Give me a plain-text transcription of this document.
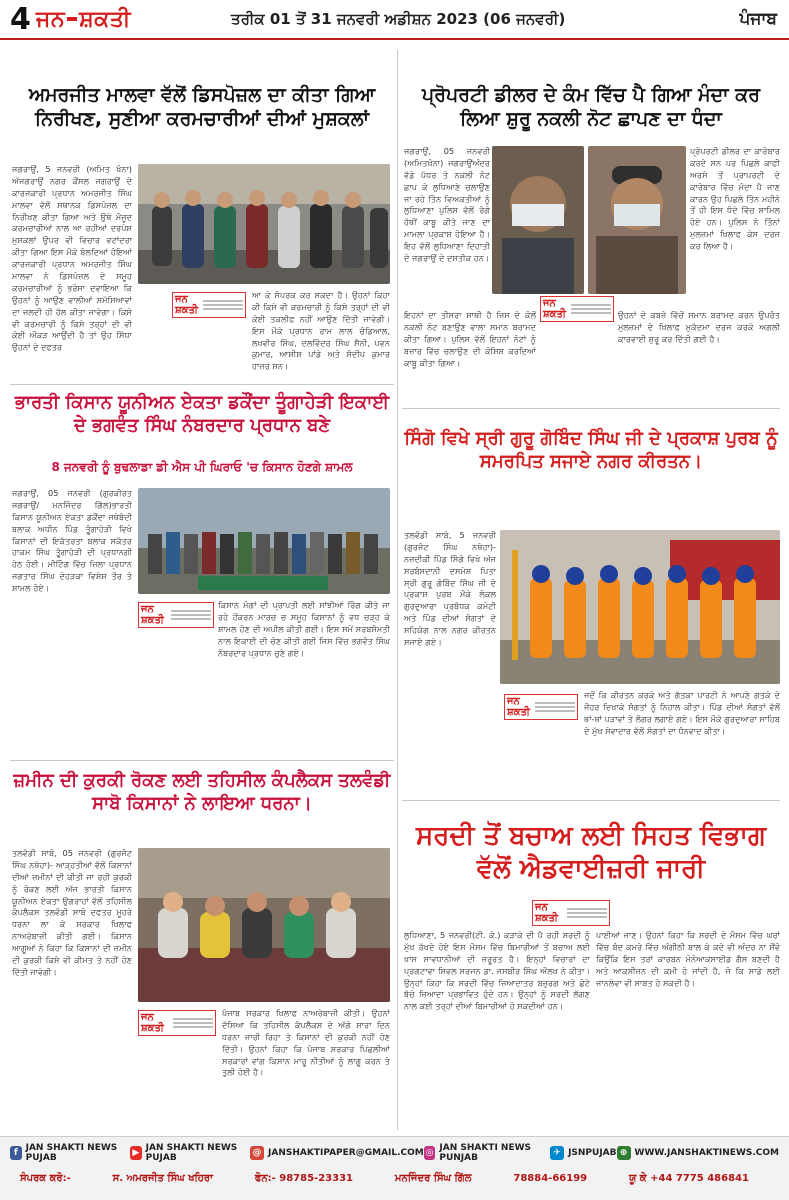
4 ਜਨ ਸ਼ਕਤੀ	ਤਰੀਕ 01 ਤੋਂ 31 ਜਨਵਰੀ ਅਡੀਸ਼ਨ 2023 (06 ਜਨਵਰੀ)	ਪੰਜਾਬ
ਅਮਰਜੀਤ ਮਾਲਵਾ ਵੱਲੋਂ ਡਿਸਪੋਜ਼ਲ ਦਾ ਕੀਤਾ ਗਿਆ ਨਿਰੀਖਣ, ਸੁਣੀਆ ਕਰਮਚਾਰੀਆਂ ਦੀਆਂ ਮੁਸ਼ਕਲਾਂ
ਜਗਰਾਉਂ, 5 ਜਨਵਰੀ (ਅਮਿਤ ਖੰਨਾ) ਅੱਜਗਰਾਉਂ ਨਗਰ ਕੌਂਸਲ ਜਗਰਾਉਂ ਦੇ ਕਾਰਜਕਾਰੀ ਪ੍ਰਧਾਨ ਅਮਰਜੀਤ ਸਿੰਘ ਮਾਲਵਾ ਵੱਲੋਂ ਸਥਾਨਕ ਡਿਸਪੋਜ਼ਲ ਦਾ ਨਿਰੀਖਣ ਕੀਤਾ ਗਿਆ ਅਤੇ ਉਥੇ ਮੌਜੂਦ ਕਰਮਚਾਰੀਆਂ ਨਾਲ ਆ ਰਹੀਆਂ ਦਰਪੇਸ਼ ਮੁਸ਼ਕਲਾਂ ਉਪਰ ਵੀ ਵਿਚਾਰ ਵਟਾਂਦਰਾ ਕੀਤਾ ਗਿਆ ਇਸ ਮੌਕੇ ਬੋਲਦਿਆਂ ਹੋਇਆਂ ਕਾਰਜਕਾਰੀ ਪ੍ਰਧਾਨ ਅਮਰਜੀਤ ਸਿੰਘ ਮਾਲਵਾ ਨੇ ਡਿਸਪੋਜ਼ਲ ਦੇ ਸਮੂਹ ਕਰਮਚਾਰੀਆਂ ਨੂੰ ਭਰੋਸਾ ਦਵਾਇਆ ਕਿ ਉਹਨਾਂ ਨੂੰ ਆਉਣ ਵਾਲੀਆਂ ਸਮੱਸਿਆਵਾਂ ਦਾ ਜਲਦੀ ਹੀ ਹੱਲ ਕੀਤਾ ਜਾਵੇਗਾ। ਕਿਸੇ ਵੀ ਕਰਮਚਾਰੀ ਨੂੰ ਕਿਸੇ ਤਰ੍ਹਾਂ ਦੀ ਵੀ ਕੋਈ ਔਕੜ ਆਉਂਦੀ ਹੈ ਤਾਂ ਉਹ ਸਿੱਧਾ ਉਹਨਾਂ ਦੇ ਦਫਤਰ
ਜਨ ਸ਼ਕਤੀ
ਆ ਕੇ ਸੰਪਰਕ ਕਰ ਸਕਦਾ ਹੈ। ਉਹਨਾਂ ਕਿਹਾ ਕੀ ਕਿਸੇ ਵੀ ਕਰਮਚਾਰੀ ਨੂੰ ਕਿਸੇ ਤਰ੍ਹਾਂ ਦੀ ਵੀ ਕੋਈ ਤਕਲੀਫ ਨਹੀਂ ਆਉਣ ਦਿੱਤੀ ਜਾਵੇਗੀ। ਇਸ ਮੌਕੇ ਪ੍ਰਧਾਨ ਰਾਮ ਲਾਲ ਚੰਡਿਆਲ, ਲਖਵੀਰ ਸਿੰਘ, ਦਲਵਿੰਦਰ ਸਿੰਘ ਸੈਨੀ, ਪਵਨ ਕੁਮਾਰ, ਆਸ਼ੀਸ਼ ਪਾਂਡੇ ਅਤੇ ਸੰਦੀਪ ਕੁਮਾਰ ਹਾਜ਼ਰ ਸਨ।
ਪ੍ਰੋਪਰਟੀ ਡੀਲਰ ਦੇ ਕੰਮ ਵਿੱਚ ਪੈ ਗਿਆ ਮੰਦਾ ਕਰ ਲਿਆ ਸ਼ੁਰੂ ਨਕਲੀ ਨੋਟ ਛਾਪਣ ਦਾ ਧੰਦਾ
ਜਗਰਾਉਂ, 05 ਜਨਵਰੀ (ਅਮਿਤਖੰਨਾ) ਜਗਰਾਉਂਅੰਦਰ ਵੱਡੇ ਪੱਧਰ ਤੇ ਨਕਲੀ ਨੋਟ ਛਾਪ ਕੇ ਲੁਧਿਆਣੇ ਚਲਾਉਣ ਜਾ ਰਹੇ ਤਿੰਨ ਵਿਅਕਤੀਆਂ ਨੂੰ ਲੁਧਿਆਣਾ ਪੁਲਿਸ ਵੱਲੋਂ ਰੰਗੇ ਹੱਥੀਂ ਕਾਬੂ ਕੀਤੇ ਜਾਣ ਦਾ ਮਾਮਲਾ ਪ੍ਰਕਾਸ਼ ਹੋਇਆ ਹੈ। ਇਹ ਵੱਲੋਂ ਲੁਧਿਆਣਾ ਦਿਹਾਤੀ ਦੇ ਜਗਰਾਉਂ ਦੇ ਦਸਤੀਕ ਹਨ।
ਪ੍ਰੋਪਰਟੀ ਡੀਲਰ ਦਾ ਕਾਰੋਬਾਰ ਕਰਦੇ ਸਨ ਪਰ ਪਿਛਲੇ ਕਾਫੀ ਅਰਸੇ ਤੋਂ ਪ੍ਰਾਪਰਟੀ ਦੇ ਕਾਰੋਬਾਰ ਵਿੱਚ ਮੰਦਾ ਪੈ ਜਾਣ ਕਾਰਨ ਉਹ ਪਿਛਲੇ ਤਿੰਨ ਮਹੀਨੇ ਤੋਂ ਹੀ ਇਸ ਧੰਦੇ ਵਿੱਚ ਸ਼ਾਮਿਲ ਹੋਏ ਹਨ। ਪੁਲਿਸ ਨੇ ਤਿੰਨਾਂ ਮੁਲਜ਼ਮਾਂ ਖਿਲਾਫ ਕੇਸ ਦਰਜ ਕਰ ਲਿਆ ਹੈ।
ਇਹਨਾਂ ਦਾ ਤੀਸਰਾ ਸਾਥੀ ਹੈ ਜਿਸ ਦੇ ਕੋਲੋਂ ਨਕਲੀ ਨੋਟ ਬਣਾਉਣ ਵਾਲਾ ਸਮਾਨ ਬਰਾਮਦ ਕੀਤਾ ਗਿਆ। ਪੁਲਿਸ ਵੱਲੋਂ ਇਹਨਾਂ ਨੋਟਾਂ ਨੂੰ ਬਜ਼ਾਰ ਵਿੱਚ ਚਲਾਉਣ ਦੀ ਕੋਸ਼ਿਸ਼ ਕਰਦਿਆਂ ਕਾਬੂ ਕੀਤਾ ਗਿਆ।
ਜਨ ਸ਼ਕਤੀ	ਉਹਨਾਂ ਦੇ ਕਬਜ਼ੇ ਵਿੱਚੋਂ ਸਮਾਨ ਬਰਾਮਦ ਕਰਨ ਉਪਰੰਤ ਮੁਲਜ਼ਮਾਂ ਦੇ ਖਿਲਾਫ ਮੁਕੱਦਮਾ ਦਰਜ ਕਰਕੇ ਅਗਲੀ ਕਾਰਵਾਈ ਸ਼ੁਰੂ ਕਰ ਦਿੱਤੀ ਗਈ ਹੈ।
ਭਾਰਤੀ ਕਿਸਾਨ ਯੂਨੀਅਨ ਏਕਤਾ ਡਕੌਂਦਾ ਤੂੰਗਾਹੇੜੀ ਇਕਾਈ ਦੇ ਭਗਵੰਤ ਸਿੰਘ ਨੰਬਰਦਾਰ ਪ੍ਰਧਾਨ ਬਣੇ
8 ਜਨਵਰੀ ਨੂੰ ਬੁਢਲਾਡਾ ਡੀ ਐਸ ਪੀ ਘਿਰਾਓ 'ਚ ਕਿਸਾਨ ਹੋਣਗੇ ਸ਼ਾਮਲ
ਜਗਰਾਉਂ, 05 ਜਨਵਰੀ (ਗੁਰਕੀਰਤ ਜਗਰਾਉਂ/ ਮਨਜਿੰਦਰ ਗਿੱਲ)ਭਾਰਤੀ ਕਿਸਾਨ ਯੂਨੀਅਨ ਏਕਤਾ ਡਕੌਂਦਾ ਜਥੇਬੰਦੀ ਬਲਾਕ ਅਧੀਨ ਪਿੰਡ ਤੂੰਗਾਹੇੜੀ ਵਿਖੇ ਕਿਸਾਨਾਂ ਦੀ ਇਕੱਤਰਤਾ ਬਲਾਕ ਸਕੱਤਰ ਹਾਕਮ ਸਿੰਘ ਤੂੰਗਾਹੇੜੀ ਦੀ ਪ੍ਰਧਾਨਗੀ ਹੇਠ ਹੋਈ। ਮੀਟਿੰਗ ਵਿੱਚ ਜ਼ਿਲਾ ਪ੍ਰਧਾਨ ਜਗਤਾਰ ਸਿੰਘ ਦੇਹੜਕਾ ਵਿਸ਼ੇਸ਼ ਤੌਰ ਤੇ ਸ਼ਾਮਲ ਹੋਏ।
ਜਨ ਸ਼ਕਤੀ
ਕਿਸਾਨ ਮੰਗਾਂ ਦੀ ਪ੍ਰਾਪਤੀ ਲਈ ਸਾਂਝੀਆਂ ਰਿੰਗ ਕੀਤੇ ਜਾ ਰਹੇ ਹੋਂਕਰਨ ਮਾਰਚ ਚ ਸਮੂਹ ਕਿਸਾਨਾਂ ਨੂੰ ਵਧ ਚੜ੍ਹ ਕੇ ਸ਼ਾਮਲ ਹੋਣ ਦੀ ਅਪੀਲ ਕੀਤੀ ਗਈ। ਇਸ ਸਮੇਂ ਸਰਬਸੰਮਤੀ ਨਾਲ ਇਕਾਈ ਦੀ ਚੋਣ ਕੀਤੀ ਗਈ ਜਿਸ ਵਿੱਚ ਭਗਵੰਤ ਸਿੰਘ ਨੰਬਰਦਾਰ ਪ੍ਰਧਾਨ ਚੁਣੇ ਗਏ।
ਸਿੰਗੋ ਵਿਖੇ ਸ੍ਰੀ ਗੁਰੂ ਗੋਬਿੰਦ ਸਿੰਘ ਜੀ ਦੇ ਪ੍ਰਕਾਸ਼ ਪੁਰਬ ਨੂੰ ਸਮਰਪਿਤ ਸਜਾਏ ਨਗਰ ਕੀਰਤਨ।
ਤਲਵੰਡੀ ਸਾਬੋ, 5 ਜਨਵਰੀ (ਗੁਰਜੰਟ ਸਿੰਘ ਨਥੇਹਾ)- ਨਜ਼ਦੀਕੀ ਪਿੰਡ ਸਿੰਗੋ ਵਿਖੇ ਅੱਜ ਸਰਬੰਸਦਾਨੀ ਦਸਮੇਸ਼ ਪਿਤਾ ਸ੍ਰੀ ਗੁਰੂ ਗੋਬਿੰਦ ਸਿੰਘ ਜੀ ਦੇ ਪ੍ਰਕਾਸ਼ ਪੁਰਬ ਮੌਕੇ ਲੋਕਲ ਗੁਰਦੁਆਰਾ ਪ੍ਰਬੰਧਕ ਕਮੇਟੀ ਅਤੇ ਪਿੰਡ ਦੀਆਂ ਸੰਗਤਾਂ ਦੇ ਸਹਿਯੋਗ ਨਾਲ ਨਗਰ ਕੀਰਤਨ ਸਜਾਏ ਗਏ।
ਜਨ ਸ਼ਕਤੀ
ਜਦੋਂ ਕਿ ਕੀਰਤਨ ਕਰਕੇ ਅਤੇ ਗੱਤਕਾ ਪਾਰਟੀ ਨੇ ਆਪਣੇ ਗਤਕੇ ਦੇ ਜੌਹਰ ਦਿਖਾਕੇ ਸੰਗਤਾਂ ਨੂੰ ਨਿਹਾਲ ਕੀਤਾ। ਪਿੰਡ ਦੀਆਂ ਸੰਗਤਾਂ ਵੱਲੋਂ ਥਾਂ-ਥਾਂ ਪੜਾਵਾਂ ਤੇ ਲੰਗਰ ਲਗਾਏ ਗਏ। ਇਸ ਮੌਕੇ ਗੁਰਦੁਆਰਾ ਸਾਹਿਬ ਦੇ ਮੁੱਖ ਸੇਵਾਦਾਰ ਵੱਲੋਂ ਸੰਗਤਾਂ ਦਾ ਧੰਨਵਾਦ ਕੀਤਾ।
ਜ਼ਮੀਨ ਦੀ ਕੁਰਕੀ ਰੋਕਣ ਲਈ ਤਹਿਸੀਲ ਕੰਪਲੈਕਸ ਤਲਵੰਡੀ ਸਾਬੋ ਕਿਸਾਨਾਂ ਨੇ ਲਾਇਆ ਧਰਨਾ।
ਤਲਵੰਡੀ ਸਾਬੋ, 05 ਜਨਵਰੀ (ਗੁਰਜੰਟ ਸਿੰਘ ਨਥੇਹਾ)- ਆੜ੍ਹਤੀਆਂ ਵੱਲੋਂ ਕਿਸਾਨਾਂ ਦੀਆਂ ਜ਼ਮੀਨਾਂ ਦੀ ਕੀਤੀ ਜਾ ਰਹੀ ਕੁਰਕੀ ਨੂੰ ਰੋਕਣ ਲਈ ਅੱਜ ਭਾਰਤੀ ਕਿਸਾਨ ਯੂਨੀਅਨ ਏਕਤਾ ਉਗਰਾਹਾਂ ਵੱਲੋਂ ਤਹਿਸੀਲ ਕੰਪਲੈਕਸ ਤਲਵੰਡੀ ਸਾਬੋ ਦਫਤਰ ਮੂਹਰੇ ਧਰਨਾ ਲਾ ਕੇ ਸਰਕਾਰ ਖਿਲਾਫ ਨਾਅਰੇਬਾਜ਼ੀ ਕੀਤੀ ਗਈ। ਕਿਸਾਨ ਆਗੂਆਂ ਨੇ ਕਿਹਾ ਕਿ ਕਿਸਾਨਾਂ ਦੀ ਜ਼ਮੀਨ ਦੀ ਕੁਰਕੀ ਕਿਸੇ ਵੀ ਕੀਮਤ ਤੇ ਨਹੀਂ ਹੋਣ ਦਿੱਤੀ ਜਾਵੇਗੀ।
ਜਨ ਸ਼ਕਤੀ
ਪੰਜਾਬ ਸਰਕਾਰ ਖਿਲਾਫ ਨਾਅਰੇਬਾਜ਼ੀ ਕੀਤੀ। ਉਹਨਾਂ ਦੱਸਿਆ ਕਿ ਤਹਿਸੀਲ ਕੰਪਲੈਕਸ ਦੇ ਅੱਗੇ ਸਾਰਾ ਦਿਨ ਧਰਨਾ ਜਾਰੀ ਰਿਹਾ ਤੇ ਕਿਸਾਨਾਂ ਦੀ ਕੁਰਕੀ ਨਹੀਂ ਹੋਣ ਦਿੱਤੀ। ਉਹਨਾਂ ਕਿਹਾ ਕਿ ਪੰਜਾਬ ਸਰਕਾਰ ਪਿਛਲੀਆਂ ਸਰਕਾਰਾਂ ਵਾਂਗ ਕਿਸਾਨ ਮਾਰੂ ਨੀਤੀਆਂ ਨੂੰ ਲਾਗੂ ਕਰਨ ਤੇ ਤੁਲੀ ਹੋਈ ਹੈ।
ਸਰਦੀ ਤੋਂ ਬਚਾਅ ਲਈ ਸਿਹਤ ਵਿਭਾਗ ਵੱਲੋਂ ਐਡਵਾਈਜ਼ਰੀ ਜਾਰੀ
ਲੁਧਿਆਣਾ, 5 ਜਨਵਰੀ(ਟੀ. ਕੇ.) ਕੜਾਕੇ ਦੀ ਪੈ ਰਹੀ ਸਰਦੀ ਨੂੰ ਮੁੱਖ ਰੱਖਦੇ ਹੋਏ ਇਸ ਮੌਸਮ ਵਿੱਚ ਬਿਮਾਰੀਆਂ ਤੋਂ ਬਚਾਅ ਲਈ ਖਾਸ ਸਾਵਧਾਨੀਆਂ ਦੀ ਜ਼ਰੂਰਤ ਹੈ। ਇਨ੍ਹਾਂ ਵਿਚਾਰਾਂ ਦਾ ਪ੍ਰਗਟਾਵਾ ਸਿਵਲ ਸਰਜਨ ਡਾ. ਜਸਬੀਰ ਸਿੰਘ ਔਲਖ ਨੇ ਕੀਤਾ। ਉਨ੍ਹਾਂ ਕਿਹਾ ਕਿ ਸਰਦੀ ਵਿੱਚ ਜ਼ਿਆਦਾਤਰ ਬਜ਼ੁਰਗ ਅਤੇ ਛੋਟੇ ਬੱਚੇ ਜ਼ਿਆਦਾ ਪ੍ਰਭਾਵਿਤ ਹੁੰਦੇ ਹਨ। ਉਨ੍ਹਾਂ ਨੂੰ ਸਰਦੀ ਲੱਗਣ ਨਾਲ ਕਈ ਤਰ੍ਹਾਂ ਦੀਆਂ ਬਿਮਾਰੀਆਂ ਹੋ ਸਕਦੀਆਂ ਹਨ।
ਜਨ ਸ਼ਕਤੀ
ਪਾਈਆਂ ਜਾਣ। ਉਹਨਾਂ ਕਿਹਾ ਕਿ ਸਰਦੀ ਦੇ ਮੌਸਮ ਵਿੱਚ ਘਰਾਂ ਵਿੱਚ ਬੰਦ ਕਮਰੇ ਵਿੱਚ ਅੰਗੀਠੀ ਬਾਲ ਕੇ ਕਦੇ ਵੀ ਅੰਦਰ ਨਾ ਸੌਂਵੋ ਕਿਉਂਕਿ ਇਸ ਤਰਾਂ ਕਾਰਬਨ ਮੋਨੋਆਕਸਾਈਡ ਗੈਸ ਬਣਦੀ ਹੈ ਅਤੇ ਆਕਸੀਜਨ ਦੀ ਕਮੀ ਹੋ ਜਾਂਦੀ ਹੈ, ਜੋ ਕਿ ਸਾਡੇ ਲਈ ਜਾਨਲੇਵਾ ਵੀ ਸਾਬਤ ਹੋ ਸਕਦੀ ਹੈ।
f JAN SHAKTI NEWS PUJAB	▶ JAN SHAKTI NEWS PUJAB	@ JANSHAKTIPAPER@GMAIL.COM ◎ JAN SHAKTI NEWS PUNJAB	✈ JSNPUJAB ⊕ WWW.JANSHAKTINEWS.COM
ਸੰਪਰਕ ਕਰੋ:-	ਸ. ਅਮਰਜੀਤ ਸਿੰਘ ਖਹਿਰਾ	ਫੋਨ:- 98785-23331	ਮਨਜਿੰਦਰ ਸਿੰਘ ਗਿੱਲ	78884-66199	ਯੂ ਕੇ +44 7775 486841
